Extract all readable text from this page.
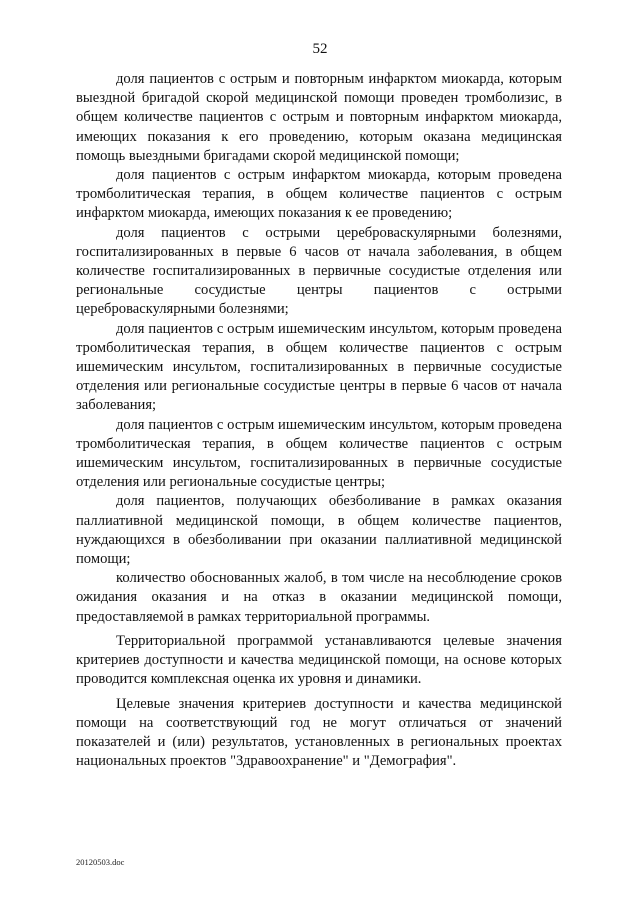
52

доля пациентов с острым и повторным инфарктом миокарда, которым выездной бригадой скорой медицинской помощи проведен тромболизис, в общем количестве пациентов с острым и повторным инфарктом миокарда, имеющих показания к его проведению, которым оказана медицинская помощь выездными бригадами скорой медицинской помощи;

доля пациентов с острым инфарктом миокарда, которым проведена тромболитическая терапия, в общем количестве пациентов с острым инфарктом миокарда, имеющих показания к ее проведению;

доля пациентов с острыми цереброваскулярными болезнями, госпитализированных в первые 6 часов от начала заболевания, в общем количестве госпитализированных в первичные сосудистые отделения или региональные сосудистые центры пациентов с острыми цереброваскулярными болезнями;

доля пациентов с острым ишемическим инсультом, которым проведена тромболитическая терапия, в общем количестве пациентов с острым ишемическим инсультом, госпитализированных в первичные сосудистые отделения или региональные сосудистые центры в первые 6 часов от начала заболевания;

доля пациентов с острым ишемическим инсультом, которым проведена тромболитическая терапия, в общем количестве пациентов с острым ишемическим инсультом, госпитализированных в первичные сосудистые отделения или региональные сосудистые центры;

доля пациентов, получающих обезболивание в рамках оказания паллиативной медицинской помощи, в общем количестве пациентов, нуждающихся в обезболивании при оказании паллиативной медицинской помощи;

количество обоснованных жалоб, в том числе на несоблюдение сроков ожидания оказания и на отказ в оказании медицинской помощи, предоставляемой в рамках территориальной программы.

Территориальной программой устанавливаются целевые значения критериев доступности и качества медицинской помощи, на основе которых проводится комплексная оценка их уровня и динамики.

Целевые значения критериев доступности и качества медицинской помощи на соответствующий год не могут отличаться от значений показателей и (или) результатов, установленных в региональных проектах национальных проектов "Здравоохранение" и "Демография".

20120503.doc
